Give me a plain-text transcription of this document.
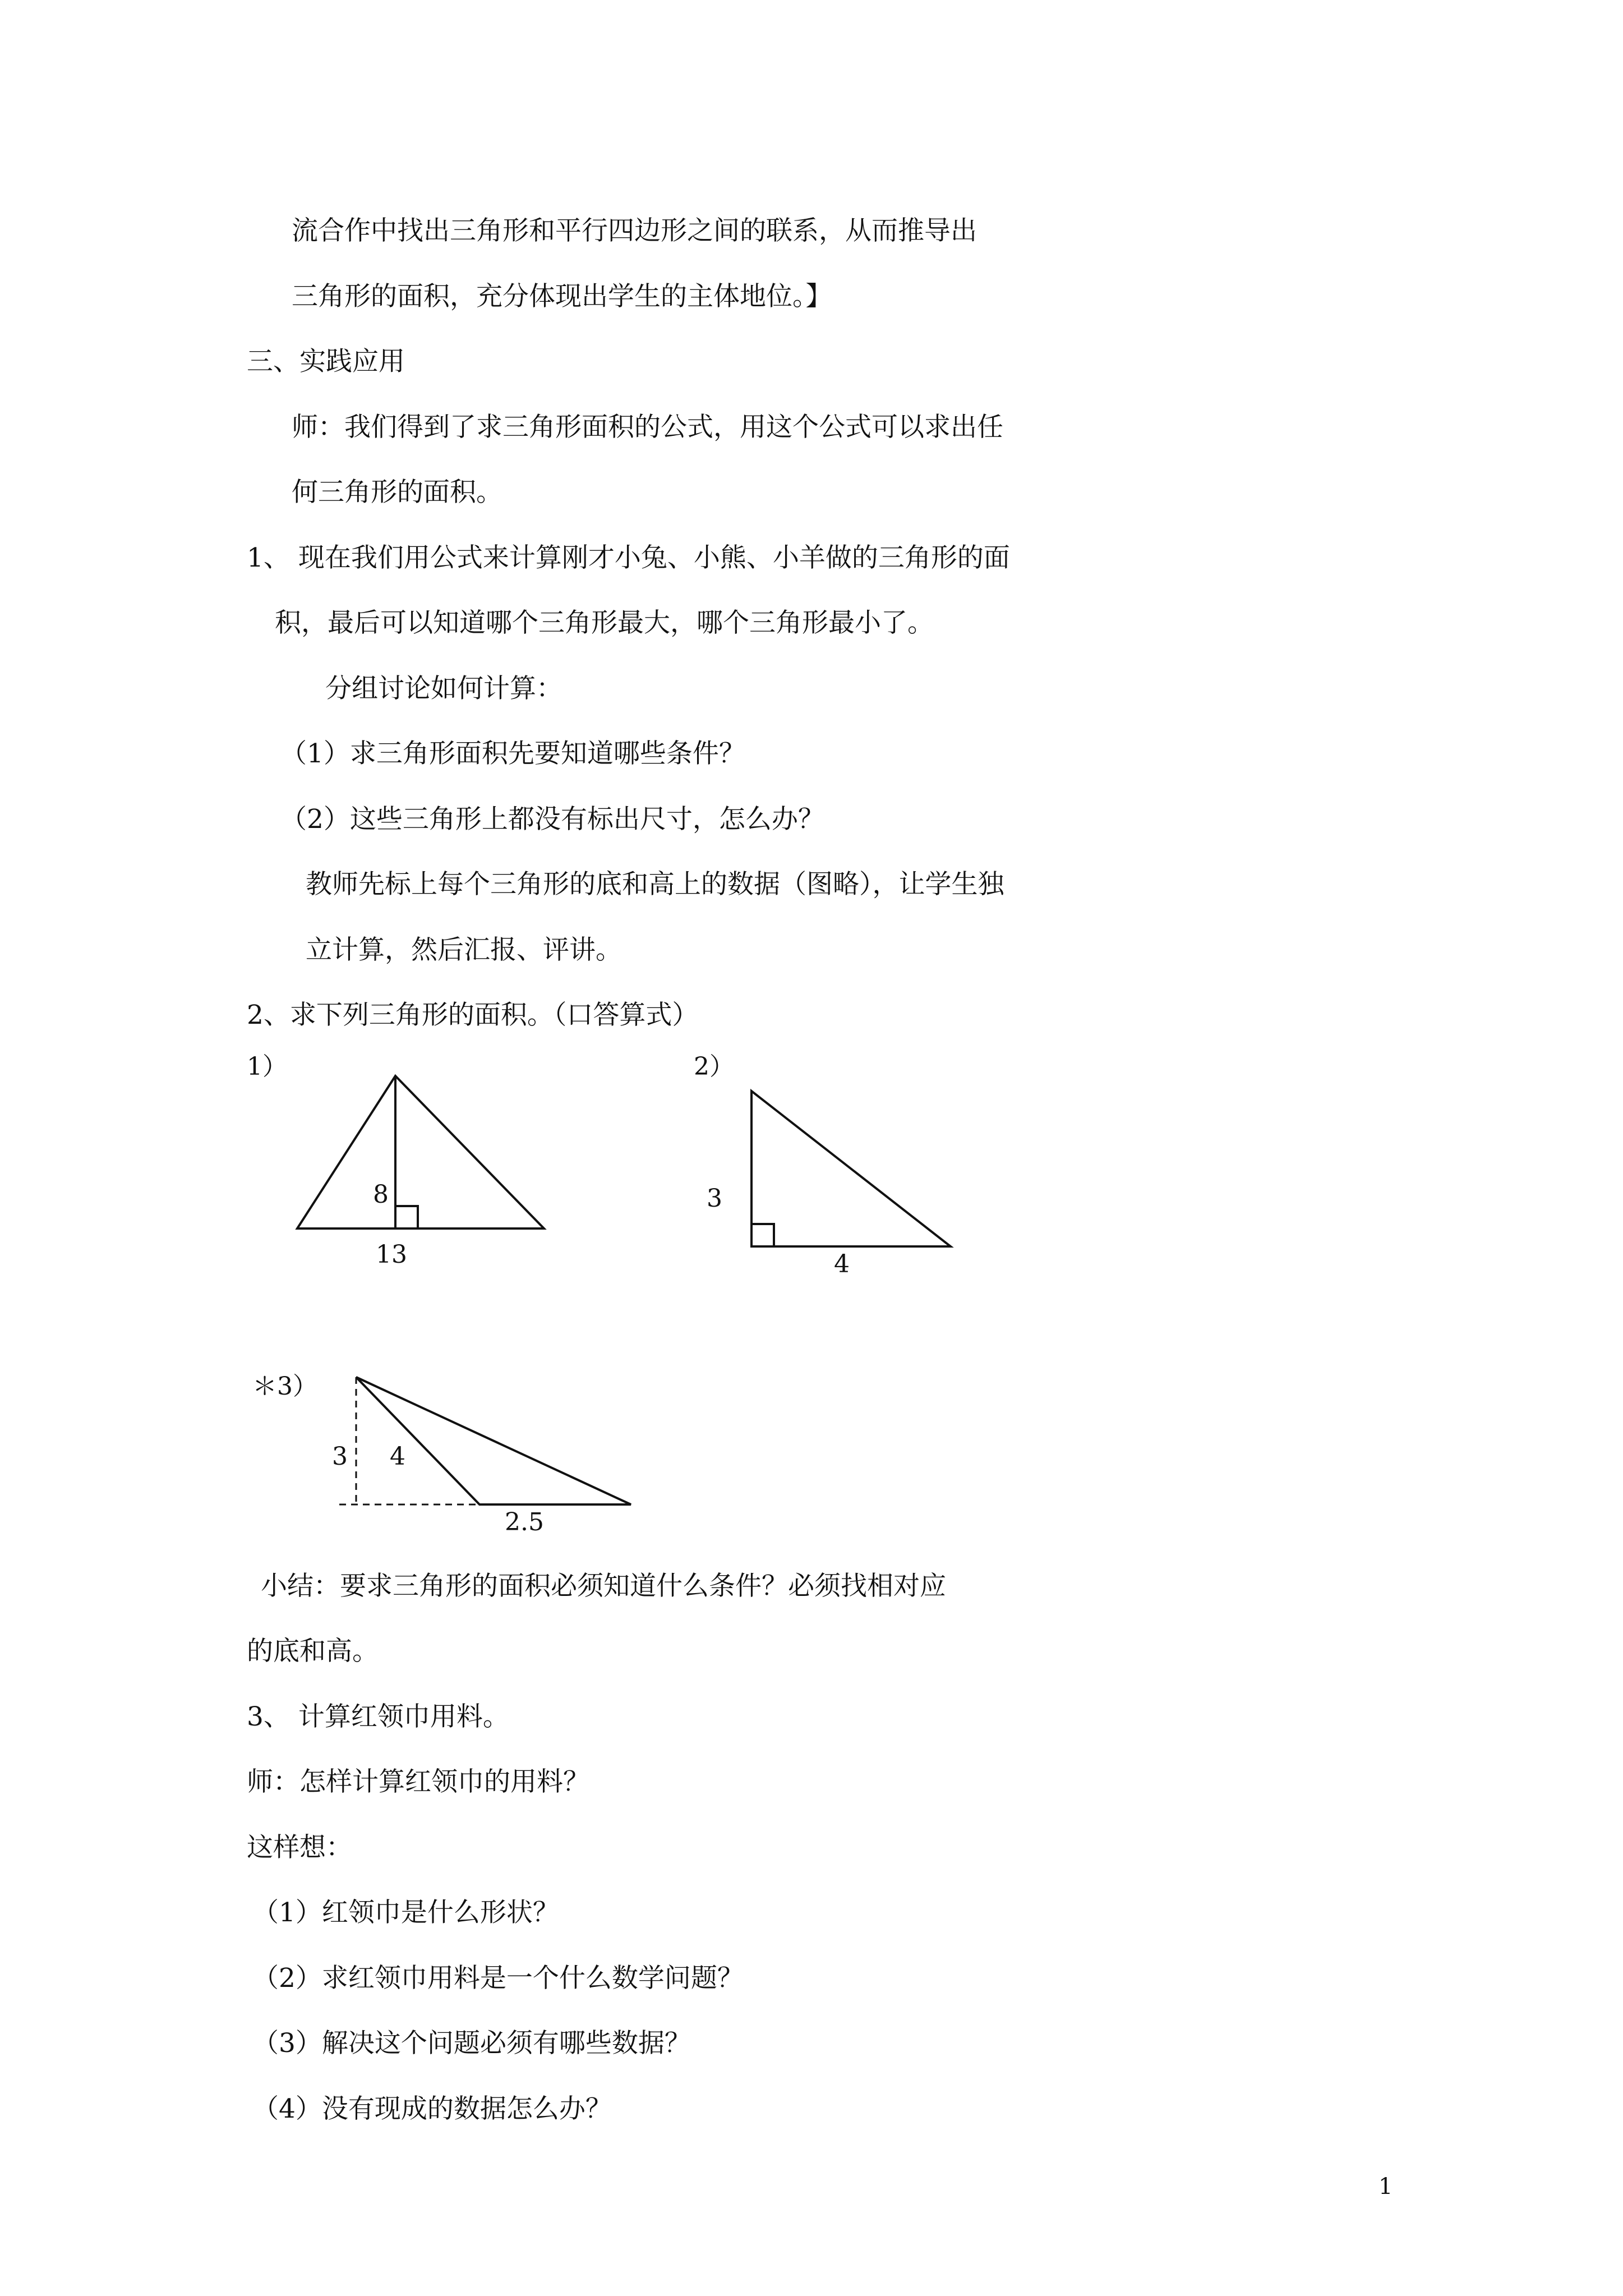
流合作中找出三角形和平行四边形之间的联系，从而推导出
三角形的面积，充分体现出学生的主体地位。】
三、实践应用
师：我们得到了求三角形面积的公式，用这个公式可以求出任
何三角形的面积。
1、 现在我们用公式来计算刚才小兔、小熊、小羊做的三角形的面
积，最后可以知道哪个三角形最大，哪个三角形最小了。
分组讨论如何计算：
（1）求三角形面积先要知道哪些条件？
（2）这些三角形上都没有标出尺寸，怎么办？
教师先标上每个三角形的底和高上的数据（图略），让学生独
立计算，然后汇报、评讲。
2、求下列三角形的面积。（口答算式）
1）
8
13
2）
3
4
＊3）
3 4
2.5
小结：要求三角形的面积必须知道什么条件？必须找相对应
的底和高。
3、 计算红领巾用料。
师：怎样计算红领巾的用料？
这样想：
（1）红领巾是什么形状？
（2）求红领巾用料是一个什么数学问题？
（3）解决这个问题必须有哪些数据？
（4）没有现成的数据怎么办？
1
